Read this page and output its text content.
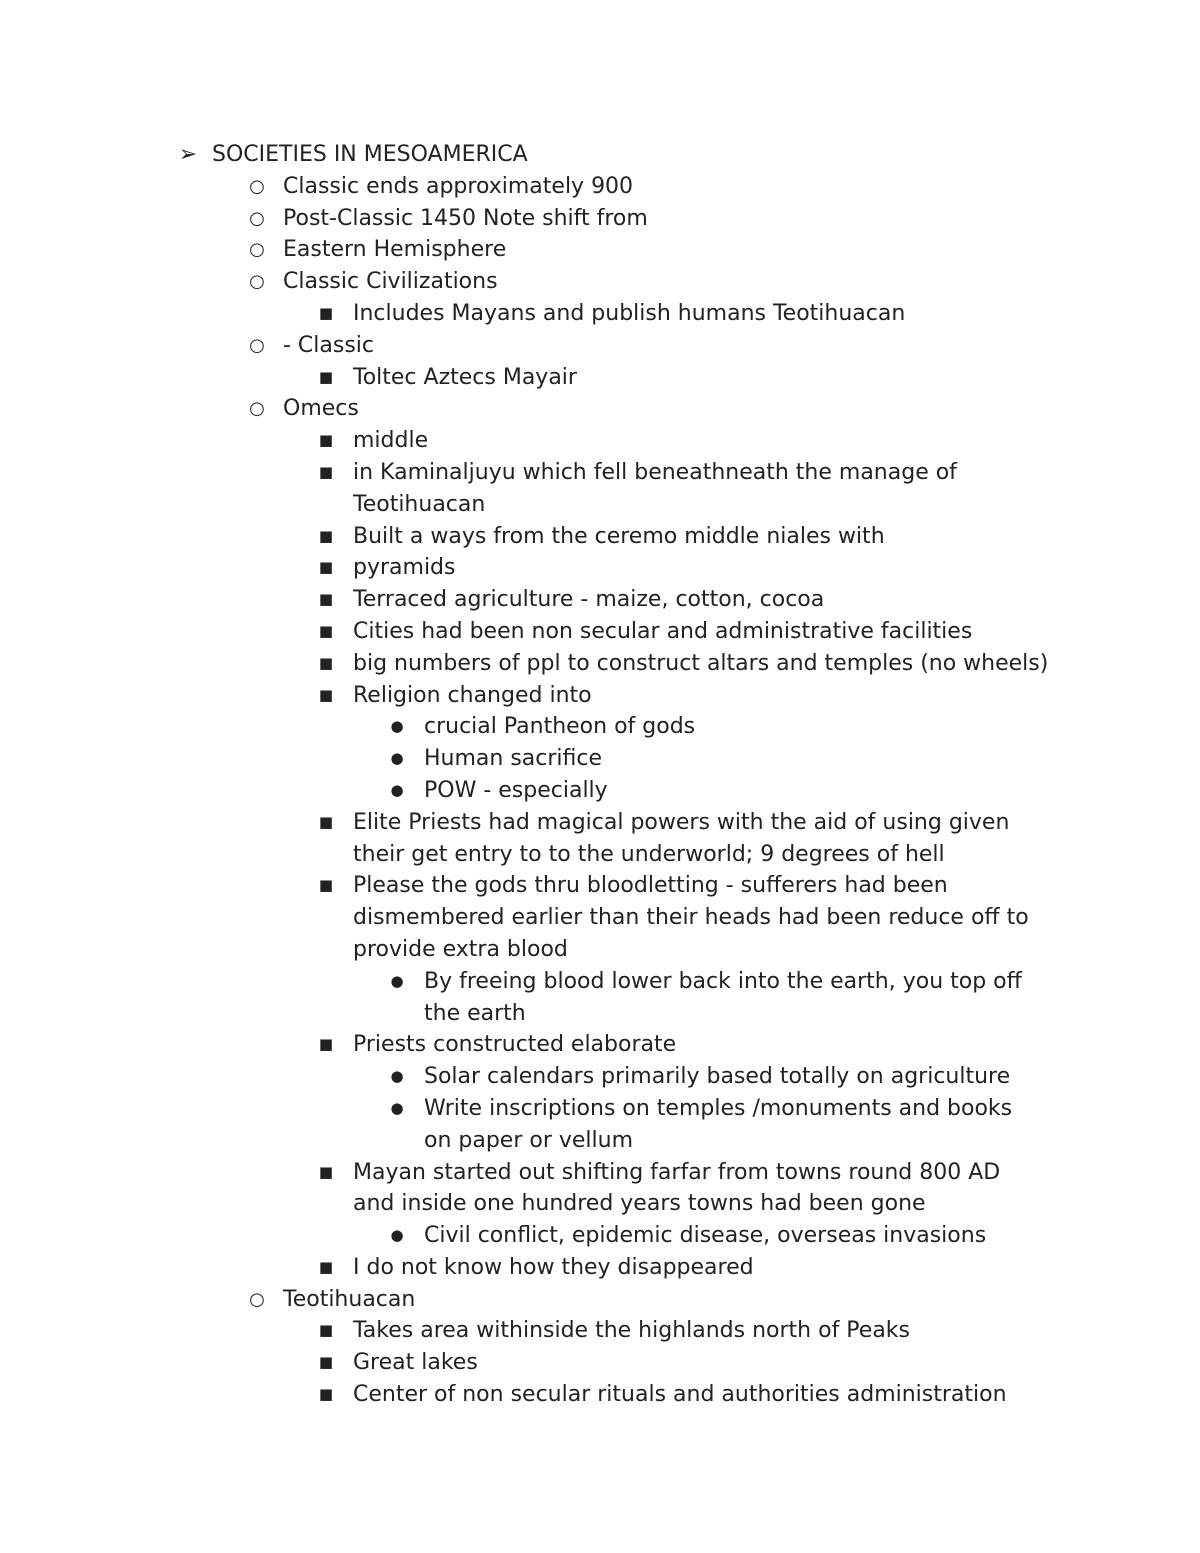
➢ SOCIETIES IN MESOAMERICA
○ Classic ends approximately 900
○ Post-Classic 1450 Note shift from
○ Eastern Hemisphere
○ Classic Civilizations
■ Includes Mayans and publish humans Teotihuacan
○ - Classic
■ Toltec Aztecs Mayair
○ Omecs
■ middle
■ in Kaminaljuyu which fell beneathneath the manage of Teotihuacan
■ Built a ways from the ceremo middle niales with
■ pyramids
■ Terraced agriculture - maize, cotton, cocoa
■ Cities had been non secular and administrative facilities
■ big numbers of ppl to construct altars and temples (no wheels)
■ Religion changed into
● crucial Pantheon of gods
● Human sacrifice
● POW - especially
■ Elite Priests had magical powers with the aid of using given their get entry to to the underworld; 9 degrees of hell
■ Please the gods thru bloodletting - sufferers had been dismembered earlier than their heads had been reduce off to provide extra blood
● By freeing blood lower back into the earth, you top off the earth
■ Priests constructed elaborate
● Solar calendars primarily based totally on agriculture
● Write inscriptions on temples /monuments and books on paper or vellum
■ Mayan started out shifting farfar from towns round 800 AD and inside one hundred years towns had been gone
● Civil conflict, epidemic disease, overseas invasions
■ I do not know how they disappeared
○ Teotihuacan
■ Takes area withinside the highlands north of Peaks
■ Great lakes
■ Center of non secular rituals and authorities administration
